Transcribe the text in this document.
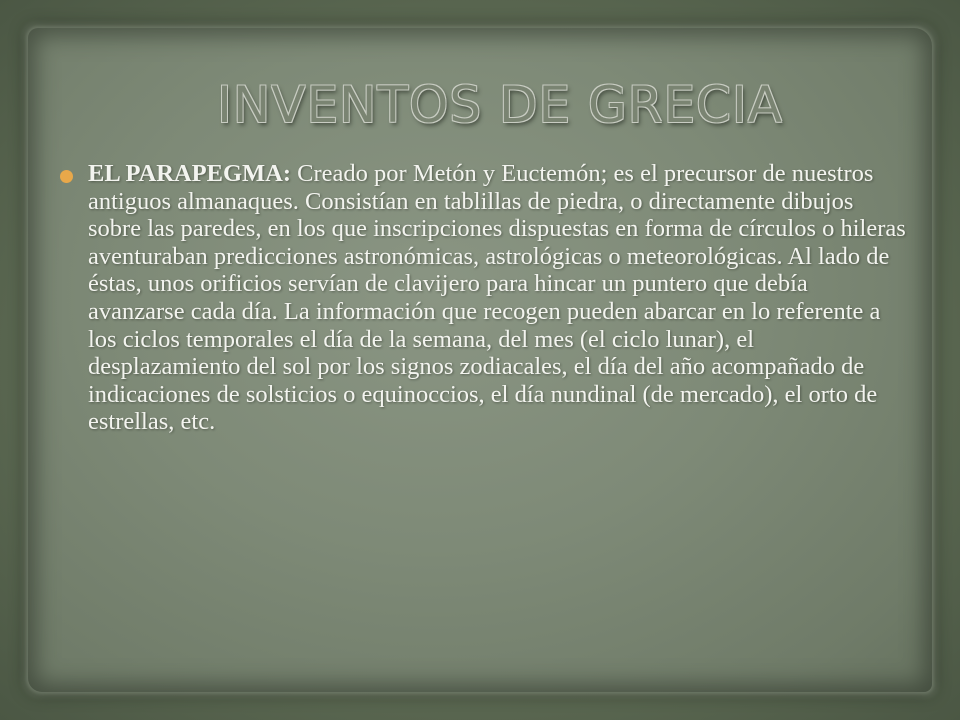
INVENTOS DE GRECIA
EL PARAPEGMA: Creado por Metón y Euctemón; es el precursor de nuestros antiguos almanaques. Consistían en tablillas de piedra, o directamente dibujos sobre las paredes, en los que inscripciones dispuestas en forma de círculos o hileras aventuraban predicciones astronómicas, astrológicas o meteorológicas. Al lado de éstas, unos orificios servían de clavijero para hincar un puntero que debía avanzarse cada día. La información que recogen pueden abarcar en lo referente a los ciclos temporales el día de la semana, del mes (el ciclo lunar), el desplazamiento del sol por los signos zodiacales, el día del año acompañado de indicaciones de solsticios o equinoccios, el día nundinal (de mercado), el orto de estrellas, etc.
